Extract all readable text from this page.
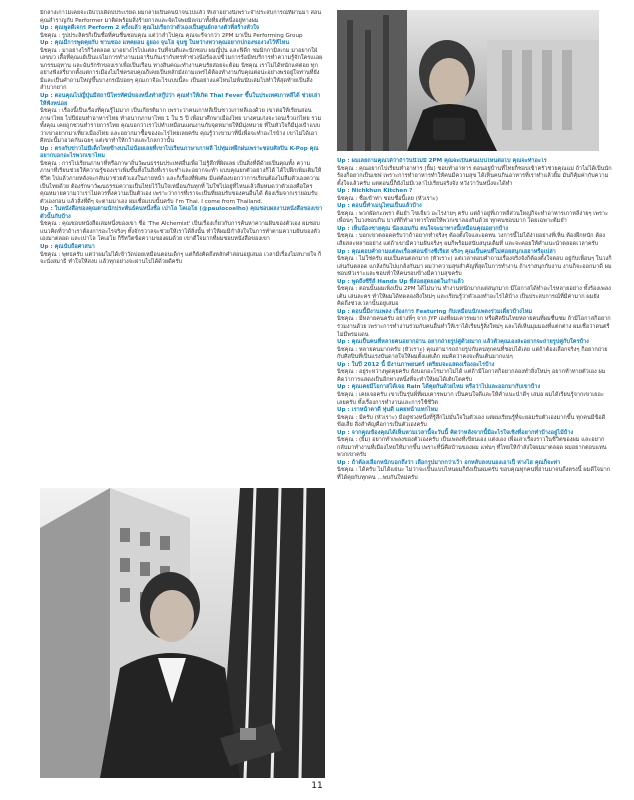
มีกลางเกาไม่เคยจะเอิบไปเดิดปประเรยด ผมกลายเป็นคนน้าจนไปแล้ว ที่เล่าอย่างนี้เพราะจำประสบการณ์ที่ผ่านมา สอนคุณสำราญกับ Performer มาติดพร้อมสิ่งร้ายกาลและจัดใจพยมิลกมาทั้งที่ยงที่หนึ่งอยู่ทางผม

Up : คุณพูลดีเจกร Perform 2 ครั้งแล้ว คุณไม่เรียกว่าตัวเองเป็นศูนย์กลางตัวที่สร้างหัวใจ

นิชคุณ : รูปประลิตรก็เป็นชื่อที่คนชื่นชอบคุณ แต่ว่าลำโปคุณ คุณจะรีจากว่า 2PM มาเป็น Performing Group

Up : คุณมีการพูดคุยกับ ชานซอง แทคยอน อูยอง จุนโฮ จุนซู ในหว่างหวาคุณอยากปกองของวงไว้ทีไหน

นิชคุณ : มาอย่างไรก็วิ่งตลอด มาอย่างไรไปแต่ละวันที่จนตีและนักชอบ ผมญี่ปุ่น และฟิดีก ชมมิกกามิลเกม มาอยากใฝ่เลขบว เสื้อที่คุณแย้เป็นแจไมการทำงานเมอารินกันเร่ากับทรทำช่วงน้อร้องเปขีวมการร้อมีทบรีการทำความรู้จักใครแเอผนกรรมอุทาน และฉันรักรักของเราเพื่อเป็นเรือน ทางสินคณะทำงานคนรัยส่อยจะต้อม นิชคุณ เราไม่ได้หนักแค่ต่อย ทุกอย่างฟังสรี่ยากตั้งแต่การเมืองไม่ใช่ครอบคุณก็เคยเป็นหลักมังถามแพร่ได้ต้องทำงานกับคุณต่อน่ะอย่างพรอยู่ใจท่านที่ยังมีและเป็นคำถามใหญ่ขึ้นบางกรณีบ่อยๆ คุณเกาจีอะไรแบบนี้ละ เป็นอย่างแค่ไหนไม่พ้นนับเล่มไปทำให้สุดท้ายเป็นสิ่งลำบากยาก

Up : ตอนคุณไปญี่ปุ่นมีสถานีโทรทัศน์ของหนึ่งทำสกู๊ปว่า คุณทำให้เกิด Thai Fever ขึ้นในประเทศเกาหลีได้ ช่วยเล่าให้ฟังหน่อย

นิชคุณ : เรื่องนี้เป็นเรื่องที่คุณรู้ไม่มาก เป็นเกียรติมาก เพราะว่าคนเกาหลีเป็นชาวเกาหลีเองด้วย เขาต่อให้เรียนสอนภาษาไทย ไปปีย่อนทำอาหารไทย ทำอนากภาษาไทย 1 ใน 5 ปี เพื่อมาศึกษาเมืองไทย บางคนเก่งจะวอนเร็วแก่ไทย รวมทั้งคุณ เคยถูกชวนทำรายการไทย คุณบอกว่าเราไปทำเหมือนแผนงานกับจุดหมายให้มีมุ่งหมาย ที่ในหัวใจก็มีมุ่งเป้าแบบว่าเขาอยากมาเที่ยวเมืองไทย และอยากมาซื้อของอะไรไทยเลยครับ คุณรู้ว่าเขามาที่นี่เพื่อจะทำอะไรบ้าง เขาไม่ได้เอาศิลปะนี้มาอวดกันเฉยๆ แต่เขาทำให้กว้างและไกลกว่านั้น

Up : ตรงกับข่าวไม่มีเด็กไทยข้างบนไม่น้อยเลยที่เขาไปเรียนภาษาเกาหลี ไปทุ่มเทฝึกฝนเพราะชอบศิลปิน K-Pop คุณอยากบอกอะไรพวกเขาไหม

นิชคุณ : การไปเรียนภาษาที่หรือภาษาถิ่นวัฒนธรรมประเทศอื่นเพื่อ ไม่รู้สึกที่ผิดเลย เป็นสิ่งที่ดีด้วยเป็นคุณทั้ง ความภาษาที่เรียนช่วยให้ความรู้ของเราเพิ่มขึ้นทั้งในสิ่งที่เราจะทำและอยากจะทำ แบบคุณยกตัวอย่างก็ได้ ได้ไปฝึกเพิ่มเติมให้ชีวิต ไปแล้วภายหลังจะกลับมาช่วยตัวเองในภายหน้า และก็เรื่องที่พิเศษ มีแต่ต้องบอกว่าการเรียนต้องไม่ลืมตัวเองความเป็นไทยด้วย ต้องรักษาวัฒนธรรมความเป็นไทยไว้ในใจเหมือนกันทุกที่ ไม่ใช่ไปอยู่ที่ไหนแล้วลืมหมดว่าตัวเองคือใคร คุณหมายความว่าเราไม่ควรทิ้งความเป็นตัวเอง เพราะว่าการที่เราจะเป็นที่ยอมรับของคนอื่นได้ ต้องเริ่มจากเรายอมรับตัวเองก่อน แล้วสิ่งที่ดีๆ จะตามมาเอง ผมเชื่อแบบนั้นครับ I'm Thai. I come from Thailand.

Up : ในหนังสือของคุณตามนักประพันธ์คนหนึ่งชื่อ เปาโล โคเอโย (@paulocoelho) คุณชอบผลงานหนังสือของเขาตัวนั้นกับบ้าง

นิชคุณ : คุณชอบหนังสือเล่มหนึ่งของเขา ชื่อ 'The Alchemist' เป็นเรื่องเกี่ยวกับการค้นหาความฝันของตัวเอง ผมชอบแนวคิดที่ว่าถ้าเราต้องการอะไรจริงๆ ทั้งจักรวาลจะช่วยให้เราได้สิ่งนั้น ทำให้ผมมีกำลังใจในการทำตามความฝันของตัวเองมาตลอด และเปาโล โคเอโย ก็รีทวีตข้อความของผมด้วย เขาดีใจมากที่ผมชอบหนังสือของเขา

Up : คุณนับถือศาสนา

นิชคุณ : พุทธครับ แต่ว่าผมไม่ได้เข้าวัดบ่อยเหมือนตอนเด็กๆ แต่ก็ยังคิดถึงหลักคำสอนอยู่เสมอ เวลามีเรื่องไม่สบายใจ ก็จะนั่งสมาธิ ทำใจให้สงบ แล้วทุกอย่างจะผ่านไปได้ด้วยดีครับ

Up : ผมเลยถามคุณได้ว่าถ้าวันนี้ไม่มี 2PM คุณจะเป็นคนแบบไหนต่อไป คุณจะทำอะไร

นิชคุณ : คุณอยากไปเรียนทำอาหาร (ยิ้ม) ชอบทำอาหาร ตอนอยู่บ้านที่ไทยก็ชอบเข้าครัวช่วยคุณแม่ ถ้าไม่ได้เป็นนักร้องก็อยากเป็นเชฟ เพราะการทำอาหารทำให้คนมีความสุข ได้เห็นคนกินอาหารที่เราทำแล้วยิ้ม มันก็คุ้มค่ากับความตั้งใจแล้วครับ แต่ตอนนี้ก็ยังไม่มีเวลาไปเรียนจริงจัง หวังว่าวันหนึ่งจะได้ทำ

Up : Nichkhun Kitchen ?

นิชคุณ : ชื่อเข้าท่า ชอบชื่อนี้เลย (หัวเราะ)

Up : ตอนนี้ทำเมนูไหนเป็นแล้วบ้าง

นิชคุณ : พวกผัดกะเพรา ต้มยำ ไข่เจียว อะไรง่ายๆ ครับ แต่ถ้าอยู่ที่เกาหลีส่วนใหญ่ก็จะทำอาหารเกาหลีง่ายๆ เพราะเพื่อนๆ ในวงชอบกิน บางทีก็ทำอาหารไทยให้พวกเขาลองกินด้วย ทุกคนชอบมาก โดยเฉพาะต้มยำ

Up : เห็นน้องชายคุณ น้องเอมกัน ตนใจจะมาทางนี้เหมือนคุณอยากบ้าง

นิชคุณ : บอกเขาตลอดครับว่าถ้าอยากทำจริงๆ ต้องตั้งใจและอดทน วงการนี้ไม่ได้ง่ายอย่างที่เห็น ต้องฝึกหนัก ต้องเสียสละหลายอย่าง แต่ถ้าเขามีความฝันจริงๆ ผมก็พร้อมสนับสนุนเต็มที่ และจะคอยให้คำแนะนำตลอดเวลาครับ

Up : คุณตอบคำถามแต่ละเรื่องค่อนข้างซีเรียส จริงๆ คุณเป็นคนที่ไม่ค่อยสนุกเฮฮาหรือเปล่า

นิชคุณ : ไม่ใช่ครับ ผมเป็นคนตลกมาก (หัวเราะ) แต่เวลาตอบคำถามเรื่องจริงจังก็ต้องตั้งใจตอบ อยู่กับเพื่อนๆ ในวงก็เล่นกันตลอด แกล้งกันไปแกล้งกันมา ผมว่าความสุขสำคัญที่สุดในการทำงาน ถ้าเราสนุกกับงาน งานก็จะออกมาดี ผมชอบหัวเราะและชอบทำให้คนรอบข้างมีความสุขครับ

Up : พูดถึงซีรีส์ Hands Up ที่ล่อยสุดยอดในกำแล้ว

นิชคุณ : ตอนนั้นผมเพิ่งเป็น 2PM ได้ไม่นาน ทำงานหนักมากแต่สนุกมาก มีโอกาสได้ทำอะไรหลายอย่าง ทั้งร้องเพลง เต้น เล่นละคร ทำให้ผมได้ทดลองสิ่งใหม่ๆ และเรียนรู้ว่าตัวเองทำอะไรได้บ้าง เป็นประสบการณ์ที่มีค่ามาก ผมยังคิดถึงช่วงเวลานั้นอยู่เสมอ

Up : ตอนนี้มีงานเพลง เรื่องการ Featuring กับเหมือนนักเพลงร่วมเดี่ยวบ้างไหม

นิชคุณ : มีหลายคนครับ อย่างพี่ๆ จาก JYP เองที่ผมเคารพมาก หรือศิลปินไทยหลายคนที่ผมชื่นชม ถ้ามีโอกาสก็อยากร่วมงานด้วย เพราะการทำงานร่วมกับคนอื่นทำให้เราได้เรียนรู้สิ่งใหม่ๆ และได้เห็นมุมมองที่แตกต่าง ผมเชื่อว่าดนตรีไม่มีพรมแดน

Up : คุณเป็นคนที่หลายคนอยากอ่าน อยากถ่ายรูปคู่ด้วยมาก แล้วตัวคุณเองล่ะอยากจะถ่ายรูปคู่กับใครบ้าง

นิชคุณ : หลายคนมากครับ (หัวเราะ) คุณสามารถถ่ายรูปกับคนทุกคนที่ชอบได้เลย แต่ถ้าต้องเลือกจริงๆ ก็อยากถ่ายกับศิลปินที่เป็นแรงบันดาลใจให้ผมตั้งแต่เด็ก ผมคิดว่าคงจะตื่นเต้นมากแน่ๆ

Up : ในปี 2012 นี้ มีงานภาพยนตร์ เตรียมจะแสดงเรื่องอะไรบ้าง

นิชคุณ : อยู่ระหว่างพูดคุยครับ ยังบอกอะไรมากไม่ได้ แต่ถ้ามีโอกาสก็อยากลองทำสิ่งใหม่ๆ อยากท้าทายตัวเอง ผมคิดว่าการแสดงเป็นอีกทางหนึ่งที่จะทำให้ผมได้เติบโตครับ

Up : คุณเคยมีโอกาสได้เจอ Rain ได้คุยกันด้วยไหม หรือว่าไปและออกมากับเขาบ้าง

นิชคุณ : เคยเจอครับ เขาเป็นรุ่นพี่ที่ผมเคารพมาก เป็นคนใจดีและให้คำแนะนำดีๆ เสมอ ผมได้เรียนรู้จากเขาเยอะเลยครับ ทั้งเรื่องการทำงานและการใช้ชีวิต

Up : เราหน้าตาดี หุ่นดี แคยหน้าแทกไหม

นิชคุณ : มีครับ (หัวเราะ) มีอยู่ช่วงหนึ่งที่รู้สึกไม่มั่นใจในตัวเอง แต่ผมเรียนรู้ที่จะยอมรับตัวเองมากขึ้น ทุกคนมีข้อดีข้อเสีย สิ่งสำคัญคือการเป็นตัวเองครับ

Up : จากคุณข้องคุณได้เห็นหามเวลานี้จะวันนี้ คิดว่าหลังจากนี้มีอะไรใจเชิงที่อยากทำบ้างอยู่ไม้บ้าง

นิชคุณ : (ยิ้ม) อยากทำเพลงของตัวเองครับ เป็นเพลงที่เขียนเอง แต่งเอง เพื่อเล่าเรื่องราวในชีวิตของผม และอยากกลับมาทำงานที่เมืองไทยให้มากขึ้น เพราะที่นี่คือบ้านของผม แฟนๆ ที่ไทยให้กำลังใจผมมาตลอด ผมอยากตอบแทนพวกเขาครับ

Up : ถ้าต้องเลือกหนักบอกถึงว่า เลือกรูปมากกว่าเว้า อกหลับลงบนองเอาเป็ ห่างไฮ คุณก็จะท่า

นิชคุณ : ได้ครับ ไม่ได้แย่นะ ไม่ว่าจะเป็นแบบไหนผมก็ยังเป็นผมครับ ขอบคุณทุกคนที่อ่านมาจนถึงตรงนี้ ผมดีใจมากที่ได้คุยกับทุกคน ...พบกันใหม่ครับ

11
